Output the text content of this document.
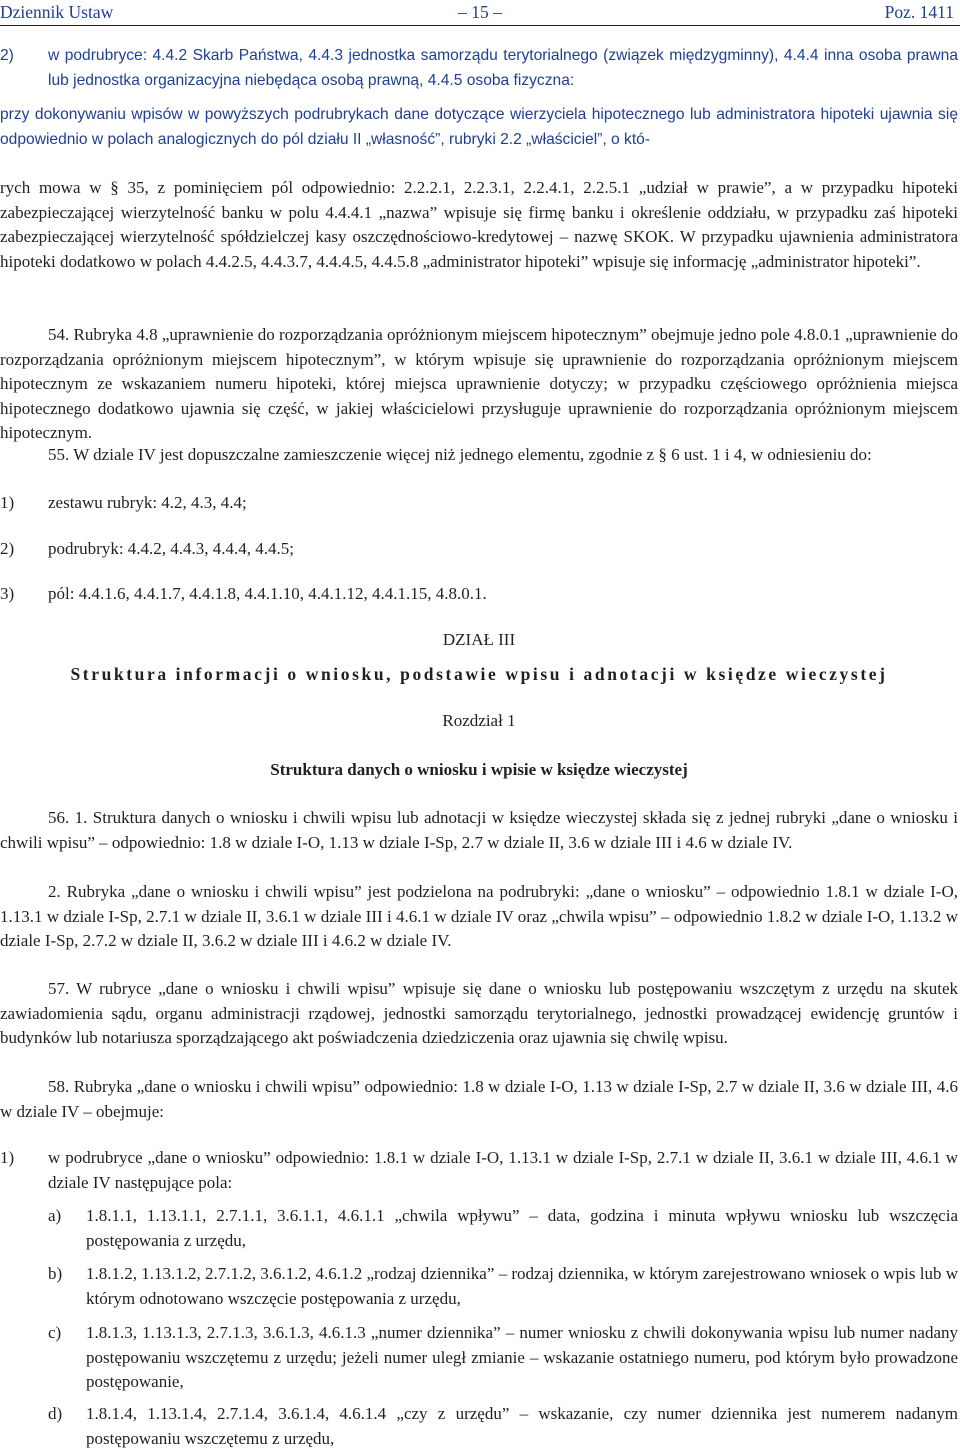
– 15 –
Dziennik Ustaw	Poz. 1411
2) w podrubryce: 4.4.2 Skarb Państwa, 4.4.3 jednostka samorządu terytorialnego (związek międzygminny), 4.4.4 inna osoba prawna lub jednostka organizacyjna niebędąca osobą prawną, 4.4.5 osoba fizyczna:
przy dokonywaniu wpisów w powyższych podrubrykach dane dotyczące wierzyciela hipotecznego lub administratora hipoteki ujawnia się odpowiednio w polach analogicznych do pól działu II „własność”, rubryki 2.2 „właściciel”, o któ-
rych mowa w § 35, z pominięciem pól odpowiednio: 2.2.2.1, 2.2.3.1, 2.2.4.1, 2.2.5.1 „udział w prawie”, a w przypadku hipoteki zabezpieczającej wierzytelność banku w polu 4.4.4.1 „nazwa” wpisuje się firmę banku i określenie oddziału, w przypadku zaś hipoteki zabezpieczającej wierzytelność spółdzielczej kasy oszczędnościowo-kredytowej – nazwę SKOK. W przypadku ujawnienia administratora hipoteki dodatkowo w polach 4.4.2.5, 4.4.3.7, 4.4.4.5, 4.4.5.8 „administrator hipoteki” wpisuje się informację „administrator hipoteki”.
54. Rubryka 4.8 „uprawnienie do rozporządzania opróżnionym miejscem hipotecznym” obejmuje jedno pole 4.8.0.1 „uprawnienie do rozporządzania opróżnionym miejscem hipotecznym”, w którym wpisuje się uprawnienie do rozporządzania opróżnionym miejscem hipotecznym ze wskazaniem numeru hipoteki, której miejsca uprawnienie dotyczy; w przypadku częściowego opróżnienia miejsca hipotecznego dodatkowo ujawnia się część, w jakiej właścicielowi przysługuje uprawnienie do rozporządzania opróżnionym miejscem hipotecznym.
55. W dziale IV jest dopuszczalne zamieszczenie więcej niż jednego elementu, zgodnie z § 6 ust. 1 i 4, w odniesieniu do:
1) zestawu rubryk: 4.2, 4.3, 4.4;
2) podrubryk: 4.4.2, 4.4.3, 4.4.4, 4.4.5;
3) pól: 4.4.1.6, 4.4.1.7, 4.4.1.8, 4.4.1.10, 4.4.1.12, 4.4.1.15, 4.8.0.1.
DZIAŁ III
Struktura informacji o wniosku, podstawie wpisu i adnotacji w księdze wieczystej
Rozdział 1
Struktura danych o wniosku i wpisie w księdze wieczystej
56. 1. Struktura danych o wniosku i chwili wpisu lub adnotacji w księdze wieczystej składa się z jednej rubryki „dane o wniosku i chwili wpisu” – odpowiednio: 1.8 w dziale I-O, 1.13 w dziale I-Sp, 2.7 w dziale II, 3.6 w dziale III i 4.6 w dziale IV.
2. Rubryka „dane o wniosku i chwili wpisu” jest podzielona na podrubryki: „dane o wniosku” – odpowiednio 1.8.1 w dziale I-O, 1.13.1 w dziale I-Sp, 2.7.1 w dziale II, 3.6.1 w dziale III i 4.6.1 w dziale IV oraz „chwila wpisu” – odpowiednio 1.8.2 w dziale I-O, 1.13.2 w dziale I-Sp, 2.7.2 w dziale II, 3.6.2 w dziale III i 4.6.2 w dziale IV.
57. W rubryce „dane o wniosku i chwili wpisu” wpisuje się dane o wniosku lub postępowaniu wszczętym z urzędu na skutek zawiadomienia sądu, organu administracji rządowej, jednostki samorządu terytorialnego, jednostki prowadzącej ewidencję gruntów i budynków lub notariusza sporządzającego akt poświadczenia dziedziczenia oraz ujawnia się chwilę wpisu.
58. Rubryka „dane o wniosku i chwili wpisu” odpowiednio: 1.8 w dziale I-O, 1.13 w dziale I-Sp, 2.7 w dziale II, 3.6 w dziale III, 4.6 w dziale IV – obejmuje:
1) w podrubryce „dane o wniosku” odpowiednio: 1.8.1 w dziale I-O, 1.13.1 w dziale I-Sp, 2.7.1 w dziale II, 3.6.1 w dziale III, 4.6.1 w dziale IV następujące pola:
a) 1.8.1.1, 1.13.1.1, 2.7.1.1, 3.6.1.1, 4.6.1.1 „chwila wpływu” – data, godzina i minuta wpływu wniosku lub wszczęcia postępowania z urzędu,
b) 1.8.1.2, 1.13.1.2, 2.7.1.2, 3.6.1.2, 4.6.1.2 „rodzaj dziennika” – rodzaj dziennika, w którym zarejestrowano wniosek o wpis lub w którym odnotowano wszczęcie postępowania z urzędu,
c) 1.8.1.3, 1.13.1.3, 2.7.1.3, 3.6.1.3, 4.6.1.3 „numer dziennika” – numer wniosku z chwili dokonywania wpisu lub numer nadany postępowaniu wszczętemu z urzędu; jeżeli numer uległ zmianie – wskazanie ostatniego numeru, pod którym było prowadzone postępowanie,
d) 1.8.1.4, 1.13.1.4, 2.7.1.4, 3.6.1.4, 4.6.1.4 „czy z urzędu” – wskazanie, czy numer dziennika jest numerem nadanym postępowaniu wszczętemu z urzędu,
